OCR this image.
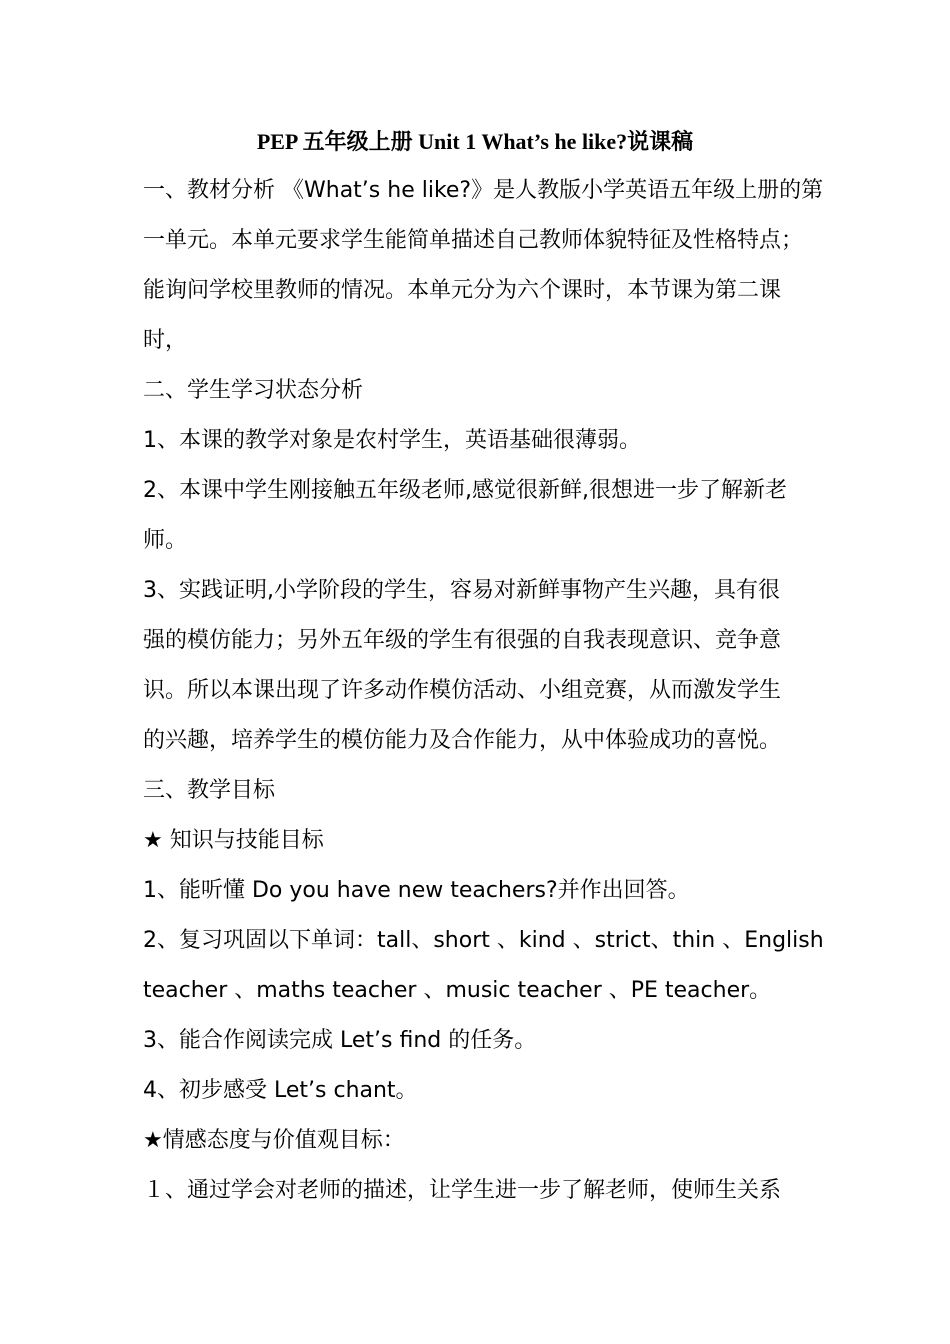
PEP 五年级上册 Unit 1 What’s he like?说课稿
一、教材分析 《What’s he like?》是人教版小学英语五年级上册的第
一单元。本单元要求学生能简单描述自己教师体貌特征及性格特点；
能询问学校里教师的情况。本单元分为六个课时，本节课为第二课
时，
二、学生学习状态分析
1、本课的教学对象是农村学生，英语基础很薄弱。
2、本课中学生刚接触五年级老师,感觉很新鲜,很想进一步了解新老
师。
3、实践证明,小学阶段的学生，容易对新鲜事物产生兴趣，具有很
强的模仿能力；另外五年级的学生有很强的自我表现意识、竞争意
识。所以本课出现了许多动作模仿活动、小组竞赛，从而激发学生
的兴趣，培养学生的模仿能力及合作能力，从中体验成功的喜悦。
三、教学目标
★ 知识与技能目标
1、能听懂 Do you have new teachers?并作出回答。
2、复习巩固以下单词：tall、 short 、kind 、strict、 thin 、English
teacher 、maths teacher 、music teacher 、PE teacher。
3、能合作阅读完成 Let’s find 的任务。
4、初步感受 Let’s chant。
★情感态度与价值观目标：
１、通过学会对老师的描述，让学生进一步了解老师，使师生关系
